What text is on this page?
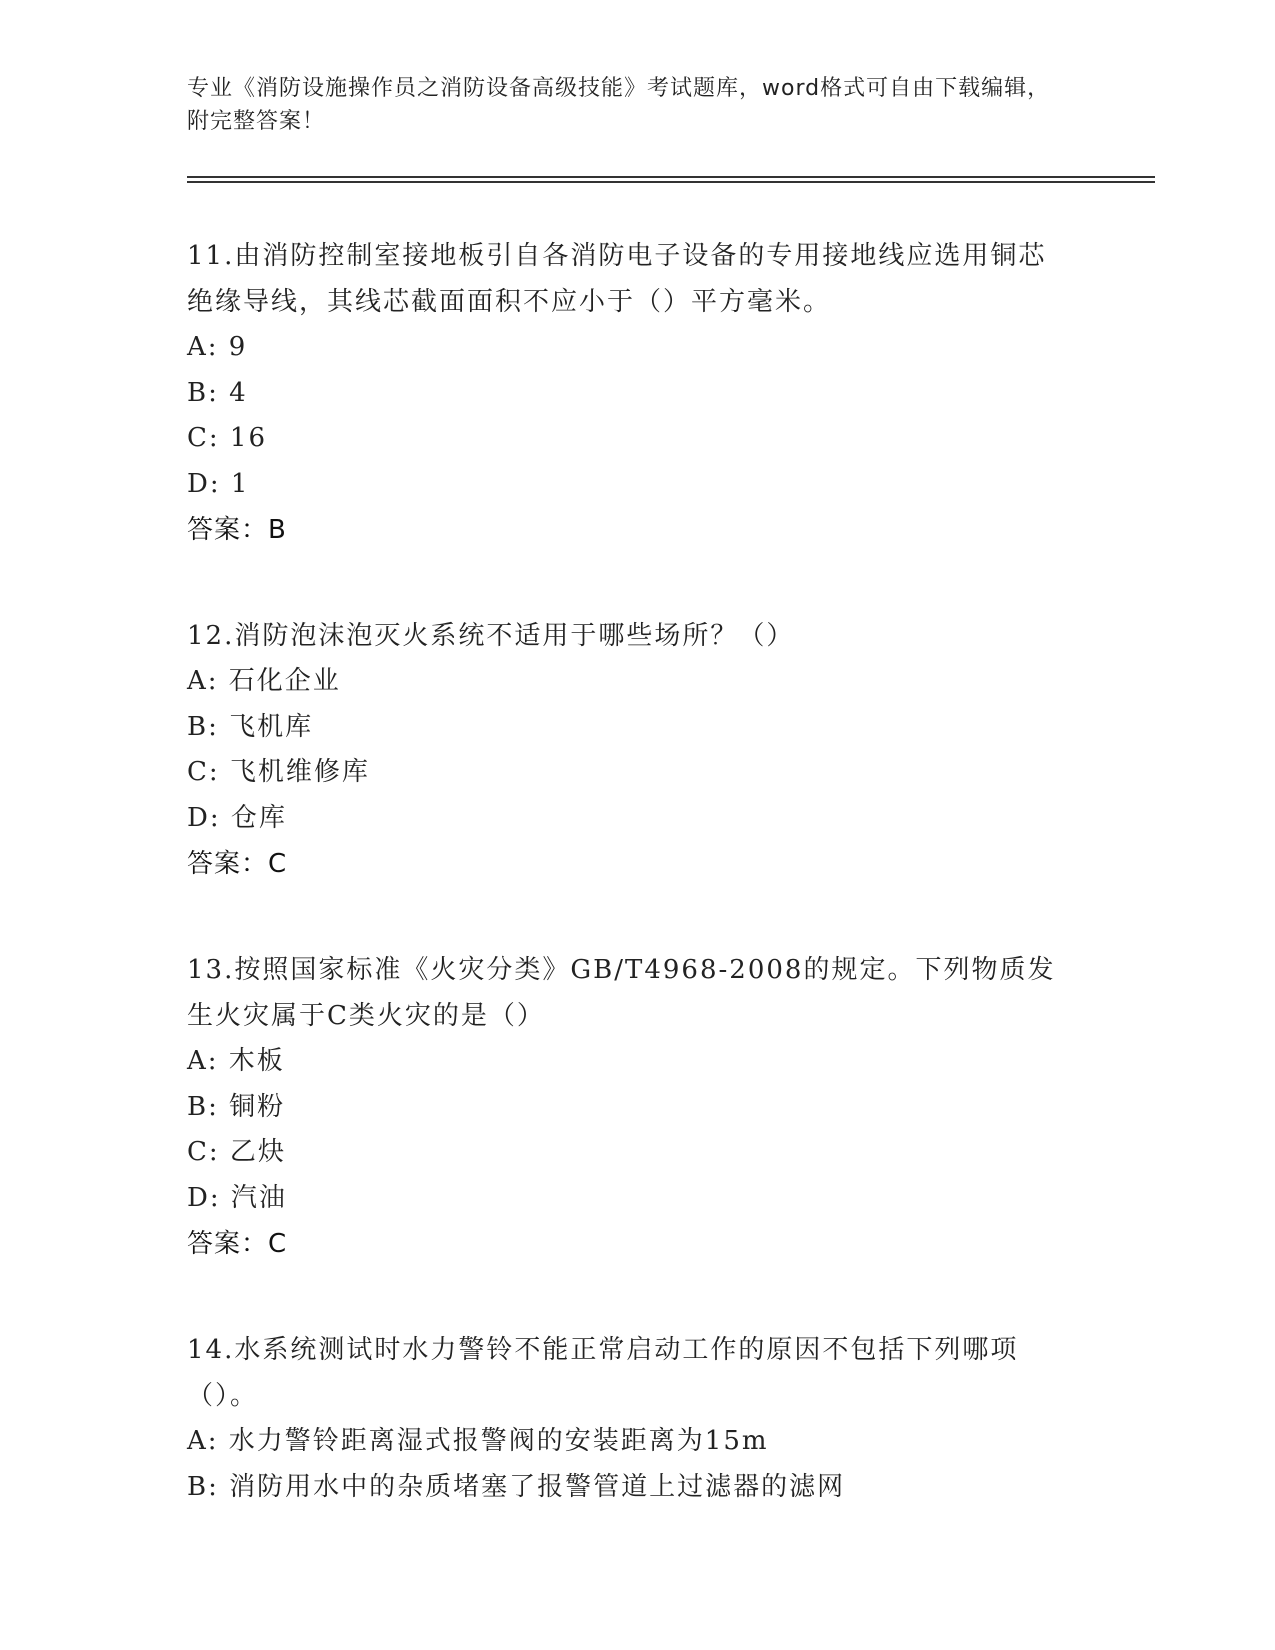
专业《消防设施操作员之消防设备高级技能》考试题库，word格式可自由下载编辑，附完整答案！

11.由消防控制室接地板引自各消防电子设备的专用接地线应选用铜芯绝缘导线，其线芯截面面积不应小于（）平方毫米。

A: 9

B: 4

C: 16

D: 1

答案：B

12.消防泡沫泡灭火系统不适用于哪些场所？（）

A: 石化企业

B: 飞机库

C: 飞机维修库

D: 仓库

答案：C

13.按照国家标准《火灾分类》GB/T4968-2008的规定。下列物质发生火灾属于C类火灾的是（）

A: 木板

B: 铜粉

C: 乙炔

D: 汽油

答案：C

14.水系统测试时水力警铃不能正常启动工作的原因不包括下列哪项（）。

A: 水力警铃距离湿式报警阀的安装距离为15m

B: 消防用水中的杂质堵塞了报警管道上过滤器的滤网
